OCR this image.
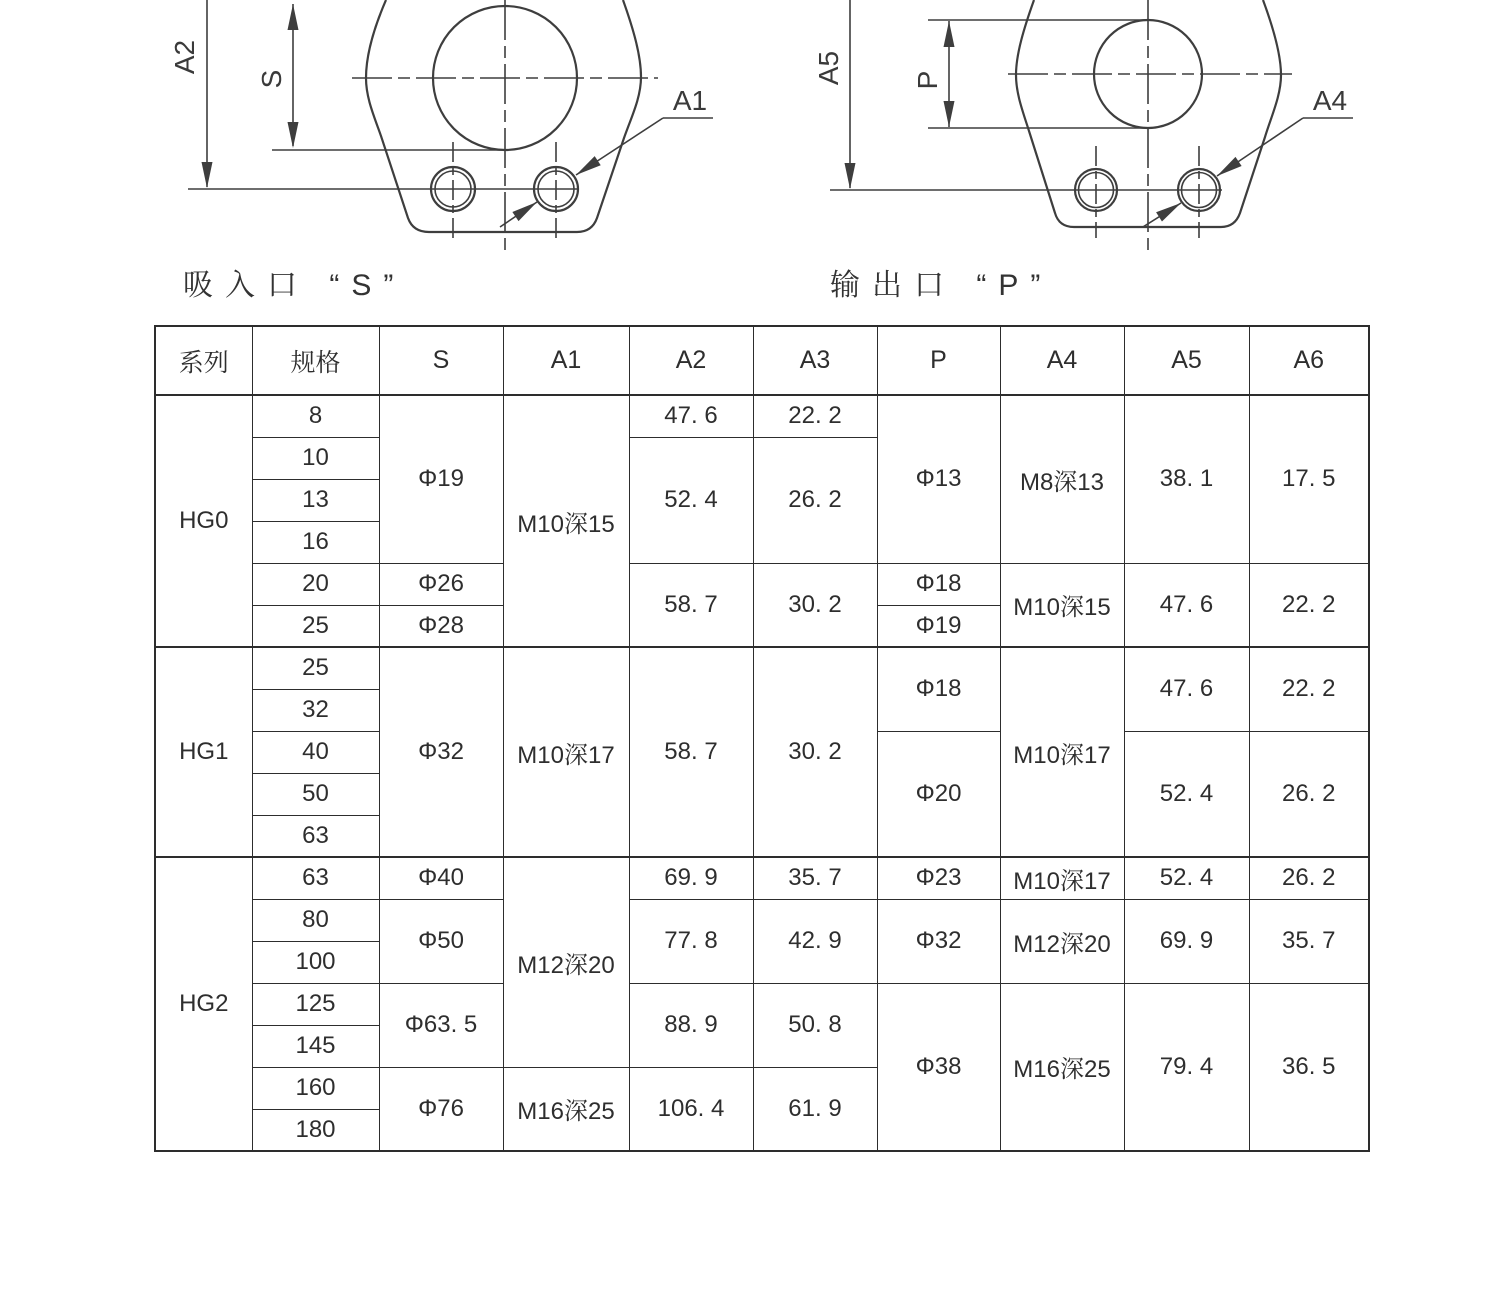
A2
S
A1
A5 P
A4
吸入口 “S”	输出口 “P”
系列	规格	S	A1	A2	A3	P	A4	A5	A6
HG0	8	Φ19	M10深15	47. 6	22. 2	Φ13	M8深13	38. 1	17. 5
	10			52. 4	26. 2				
	13								
	16								
	20	Φ26		58. 7	30. 2	Φ18	M10深15	47. 6	22. 2
	25	Φ28				Φ19			
HG1	25	Φ32	M10深17	58. 7	30. 2	Φ18	M10深17	47. 6	22. 2
	32								
	40					Φ20		52. 4	26. 2
	50								
	63								
HG2	63	Φ40	M12深20	69. 9	35. 7	Φ23	M10深17	52. 4	26. 2
	80	Φ50		77. 8	42. 9	Φ32	M12深20	69. 9	35. 7
	100								
	125	Φ63. 5		88. 9	50. 8	Φ38	M16深25	79. 4	36. 5
	145								
	160	Φ76	M16深25	106. 4	61. 9				
	180								
